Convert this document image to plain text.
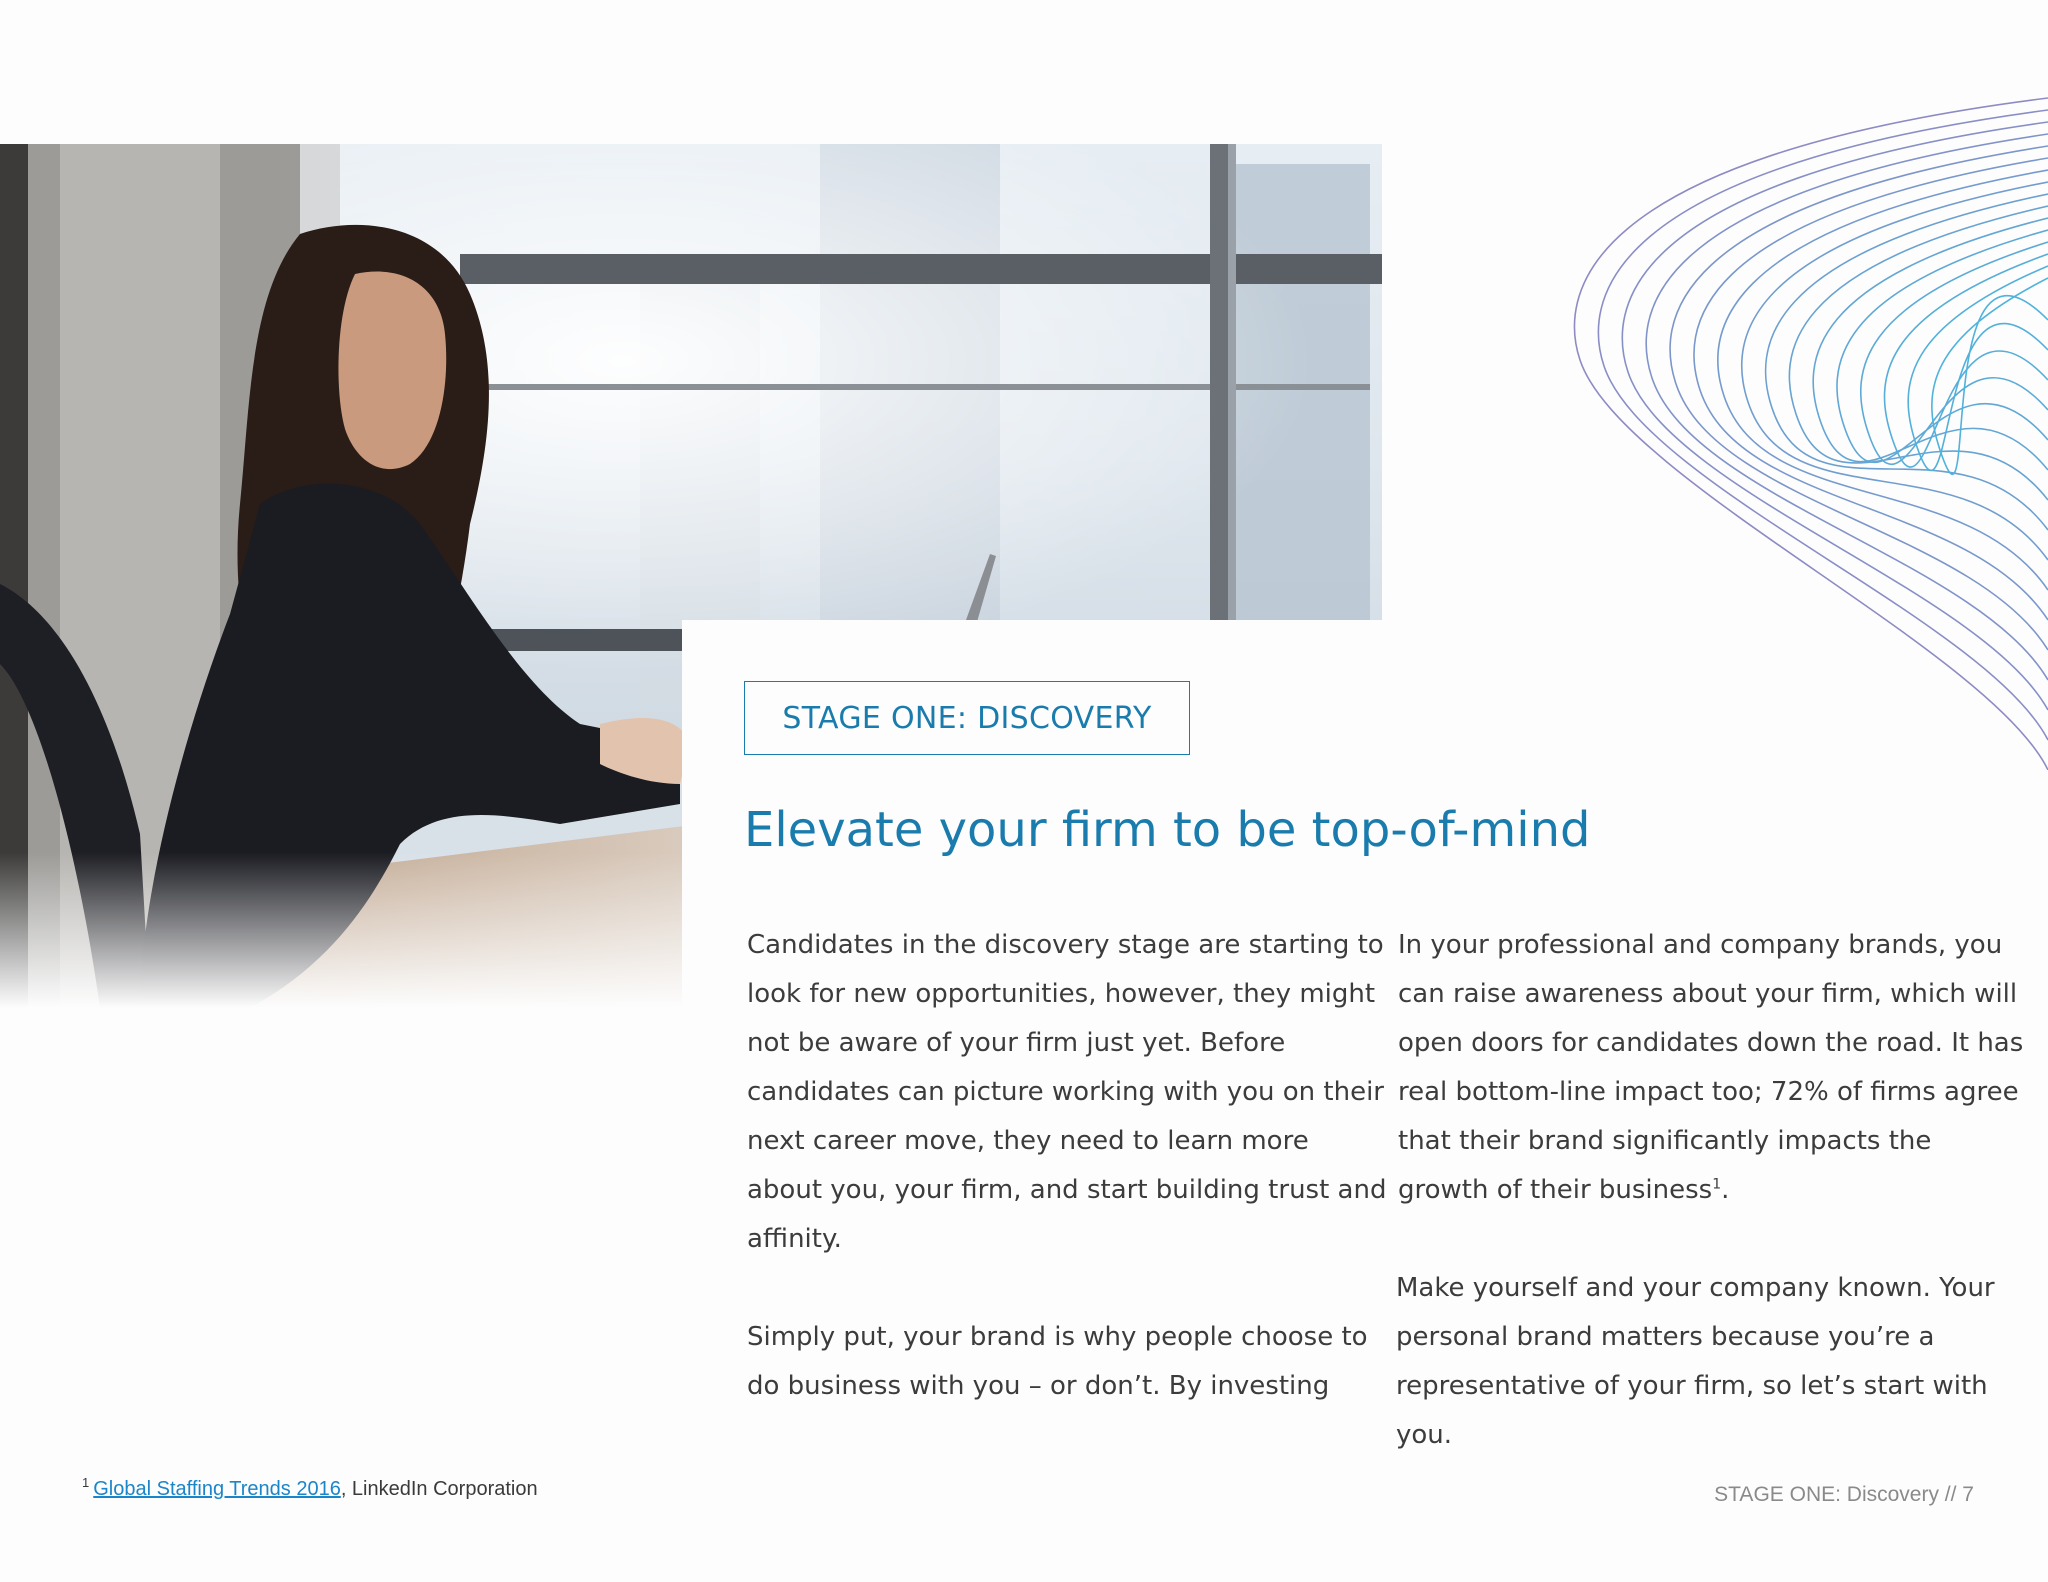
STAGE ONE: DISCOVERY
Elevate your firm to be top-of-mind

Candidates in the discovery stage are starting to look for new opportunities, however, they might not be aware of your firm just yet. Before candidates can picture working with you on their next career move, they need to learn more about you, your firm, and start building trust and affinity.

Simply put, your brand is why people choose to do business with you – or don’t. By investing

In your professional and company brands, you can raise awareness about your firm, which will open doors for candidates down the road. It has real bottom-line impact too; 72% of firms agree that their brand significantly impacts the growth of their business$^1$.

Make yourself and your company known. Your personal brand matters because you’re a representative of your firm, so let’s start with you.

$^1$ Global Staffing Trends 2016, LinkedIn Corporation	STAGE ONE: Discovery // 7
